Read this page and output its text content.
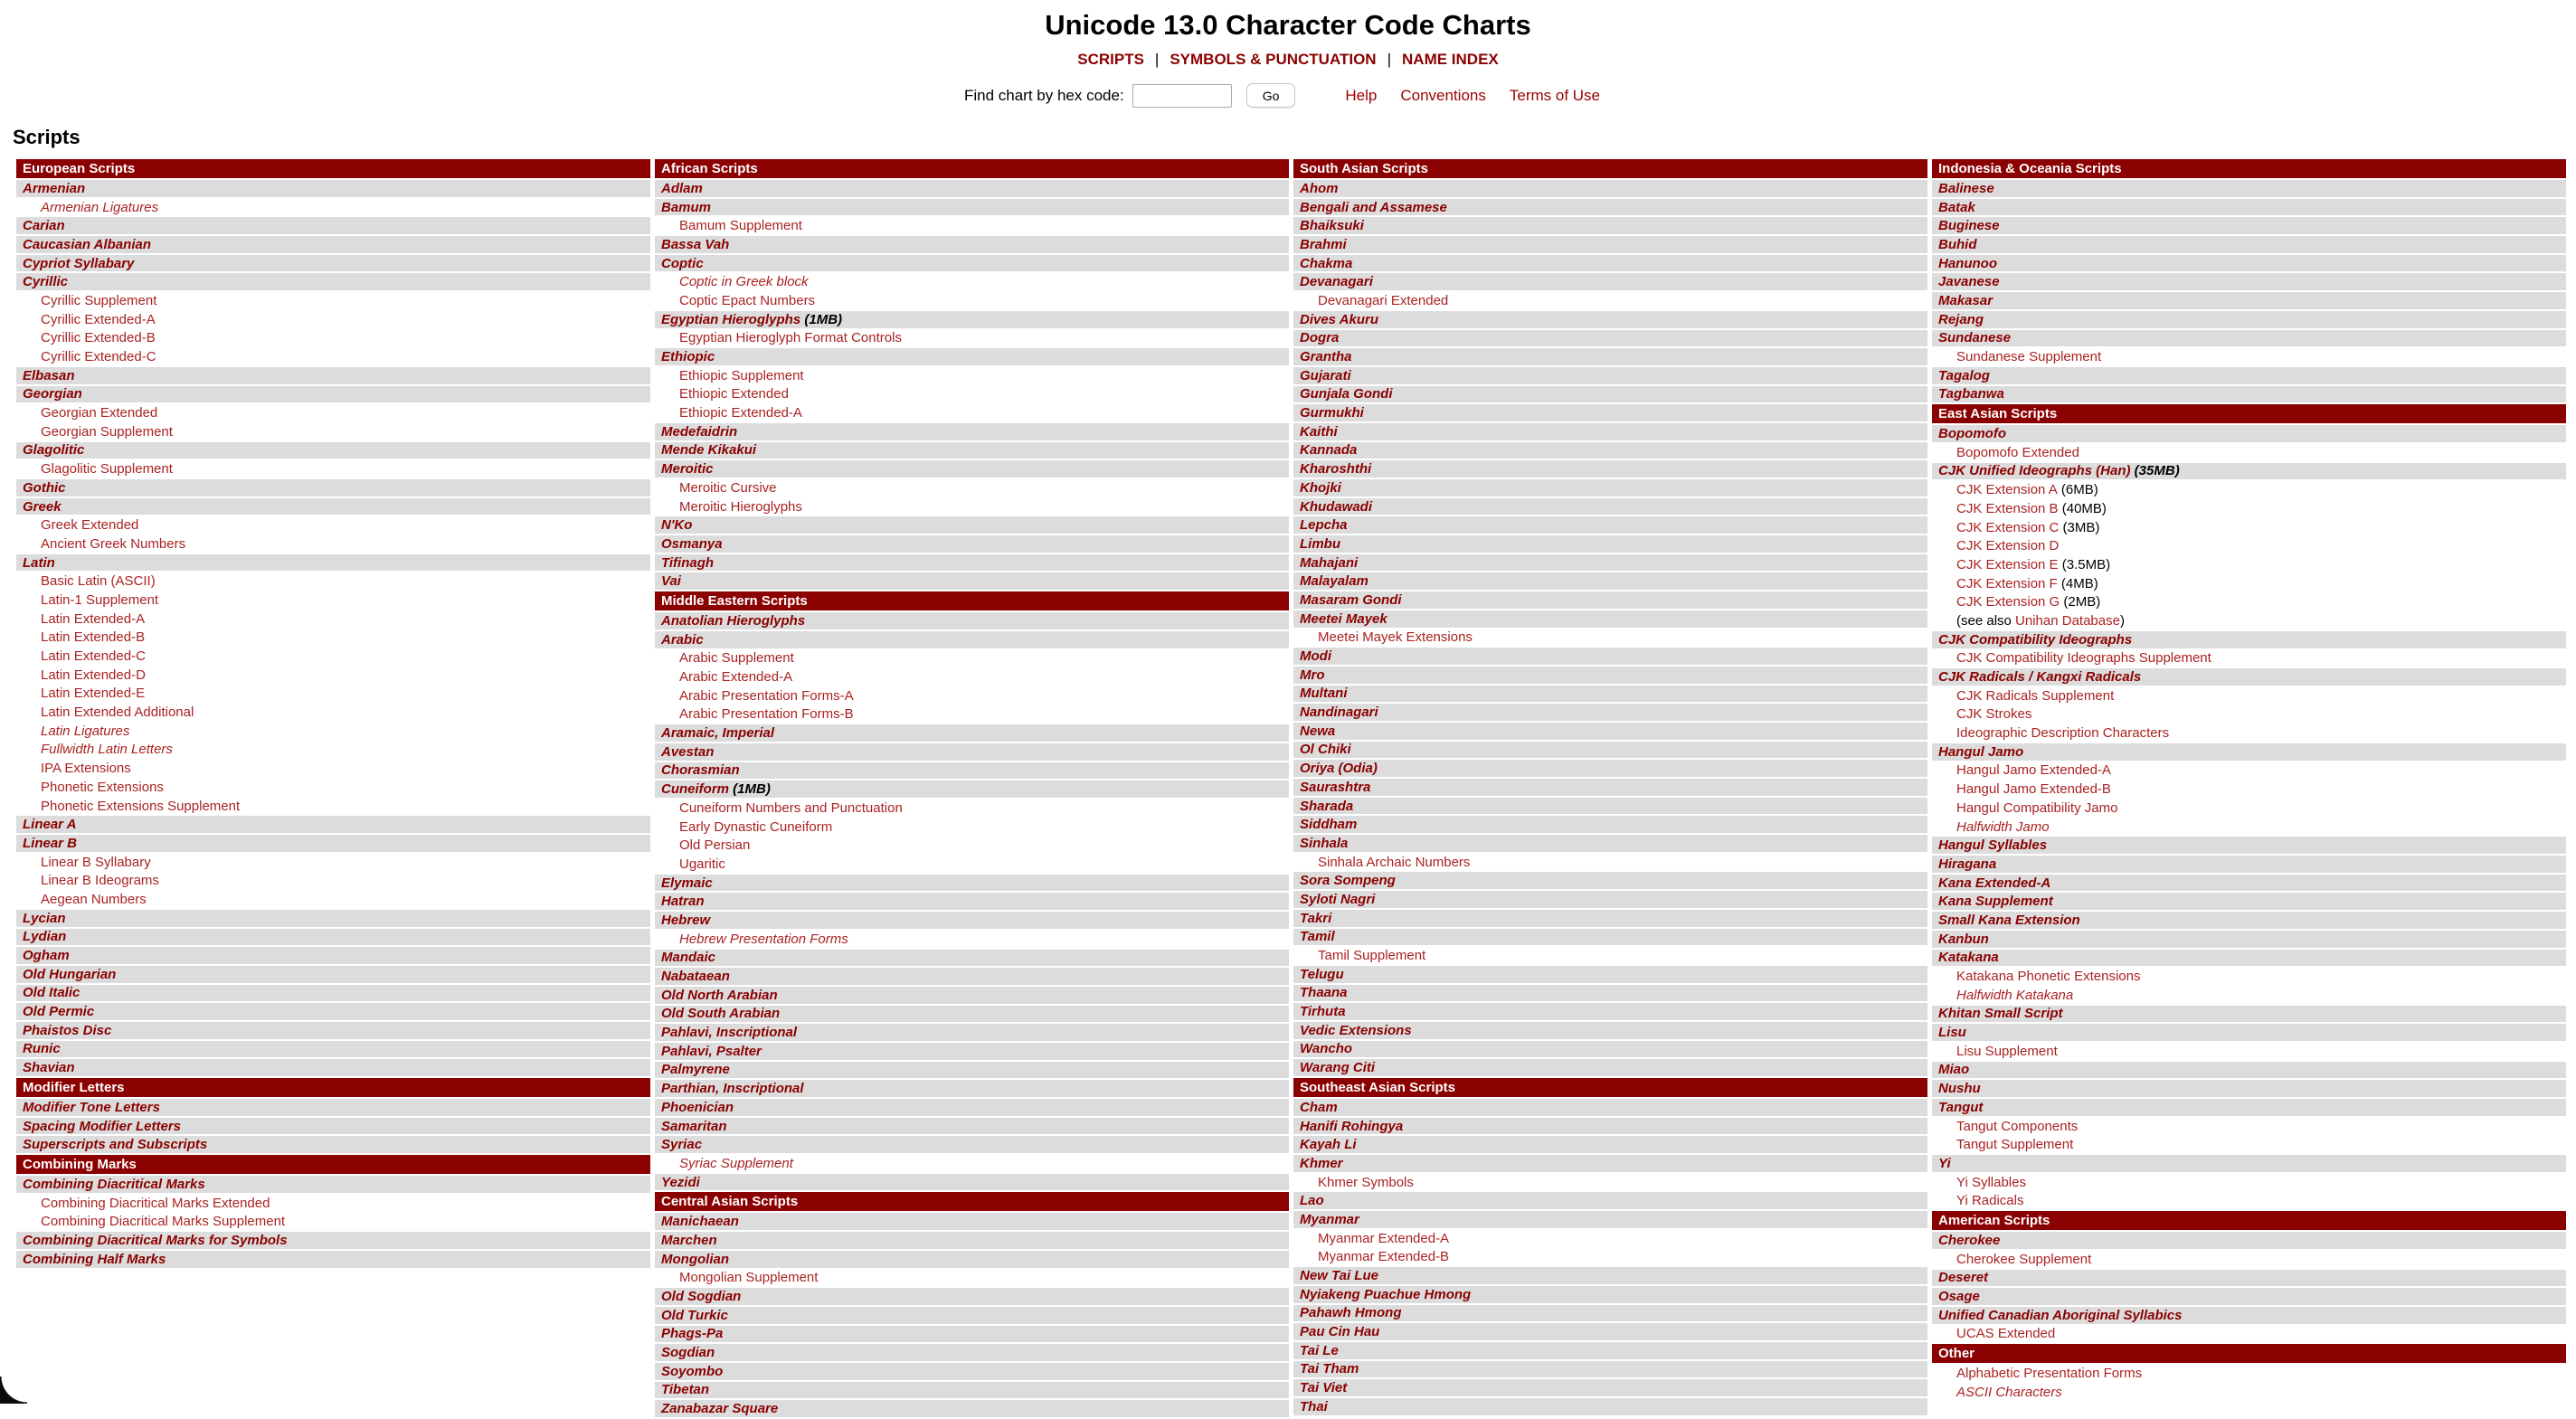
Unicode 13.0 Character Code Charts
SCRIPTS | SYMBOLS & PUNCTUATION | NAME INDEX
Find chart by hex code:	Go	Help Conventions Terms of Use
Scripts
European Scripts
Armenian
Armenian Ligatures
Carian
Caucasian Albanian
Cypriot Syllabary
Cyrillic
Cyrillic Supplement
Cyrillic Extended-A
Cyrillic Extended-B
Cyrillic Extended-C
Elbasan
Georgian
Georgian Extended
Georgian Supplement
Glagolitic
Glagolitic Supplement
Gothic
Greek
Greek Extended
Ancient Greek Numbers
Latin
Basic Latin (ASCII)
Latin-1 Supplement
Latin Extended-A
Latin Extended-B
Latin Extended-C
Latin Extended-D
Latin Extended-E
Latin Extended Additional
Latin Ligatures
Fullwidth Latin Letters
IPA Extensions
Phonetic Extensions
Phonetic Extensions Supplement
Linear A
Linear B
Linear B Syllabary
Linear B Ideograms
Aegean Numbers
Lycian
Lydian
Ogham
Old Hungarian
Old Italic
Old Permic
Phaistos Disc
Runic
Shavian
Modifier Letters
Modifier Tone Letters
Spacing Modifier Letters
Superscripts and Subscripts
Combining Marks
Combining Diacritical Marks
Combining Diacritical Marks Extended
Combining Diacritical Marks Supplement
Combining Diacritical Marks for Symbols
Combining Half Marks
African Scripts
Adlam
Bamum
Bamum Supplement
Bassa Vah
Coptic
Coptic in Greek block
Coptic Epact Numbers
Egyptian Hieroglyphs (1MB)
Egyptian Hieroglyph Format Controls
Ethiopic
Ethiopic Supplement
Ethiopic Extended
Ethiopic Extended-A
Medefaidrin
Mende Kikakui
Meroitic
Meroitic Cursive
Meroitic Hieroglyphs
N'Ko
Osmanya
Tifinagh
Vai
Middle Eastern Scripts
Anatolian Hieroglyphs
Arabic
Arabic Supplement
Arabic Extended-A
Arabic Presentation Forms-A
Arabic Presentation Forms-B
Aramaic, Imperial
Avestan
Chorasmian
Cuneiform (1MB)
Cuneiform Numbers and Punctuation
Early Dynastic Cuneiform
Old Persian
Ugaritic
Elymaic
Hatran
Hebrew
Hebrew Presentation Forms
Mandaic
Nabataean
Old North Arabian
Old South Arabian
Pahlavi, Inscriptional
Pahlavi, Psalter
Palmyrene
Parthian, Inscriptional
Phoenician
Samaritan
Syriac
Syriac Supplement
Yezidi
Central Asian Scripts
Manichaean
Marchen
Mongolian
Mongolian Supplement
Old Sogdian
Old Turkic
Phags-Pa
Sogdian
Soyombo
Tibetan
Zanabazar Square
South Asian Scripts
Ahom
Bengali and Assamese
Bhaiksuki
Brahmi
Chakma
Devanagari
Devanagari Extended
Dives Akuru
Dogra
Grantha
Gujarati
Gunjala Gondi
Gurmukhi
Kaithi
Kannada
Kharoshthi
Khojki
Khudawadi
Lepcha
Limbu
Mahajani
Malayalam
Masaram Gondi
Meetei Mayek
Meetei Mayek Extensions
Modi
Mro
Multani
Nandinagari
Newa
Ol Chiki
Oriya (Odia)
Saurashtra
Sharada
Siddham
Sinhala
Sinhala Archaic Numbers
Sora Sompeng
Syloti Nagri
Takri
Tamil
Tamil Supplement
Telugu
Thaana
Tirhuta
Vedic Extensions
Wancho
Warang Citi
Southeast Asian Scripts
Cham
Hanifi Rohingya
Kayah Li
Khmer
Khmer Symbols
Lao
Myanmar
Myanmar Extended-A
Myanmar Extended-B
New Tai Lue
Nyiakeng Puachue Hmong
Pahawh Hmong
Pau Cin Hau
Tai Le
Tai Tham
Tai Viet
Thai
Indonesia & Oceania Scripts
Balinese
Batak
Buginese
Buhid
Hanunoo
Javanese
Makasar
Rejang
Sundanese
Sundanese Supplement
Tagalog
Tagbanwa
East Asian Scripts
Bopomofo
Bopomofo Extended
CJK Unified Ideographs (Han) (35MB)
CJK Extension A (6MB)
CJK Extension B (40MB)
CJK Extension C (3MB)
CJK Extension D
CJK Extension E (3.5MB)
CJK Extension F (4MB)
CJK Extension G (2MB)
(see also Unihan Database )
CJK Compatibility Ideographs
CJK Compatibility Ideographs Supplement
CJK Radicals / Kangxi Radicals
CJK Radicals Supplement
CJK Strokes
Ideographic Description Characters
Hangul Jamo
Hangul Jamo Extended-A
Hangul Jamo Extended-B
Hangul Compatibility Jamo
Halfwidth Jamo
Hangul Syllables
Hiragana
Kana Extended-A
Kana Supplement
Small Kana Extension
Kanbun
Katakana
Katakana Phonetic Extensions
Halfwidth Katakana
Khitan Small Script
Lisu
Lisu Supplement
Miao
Nushu
Tangut
Tangut Components
Tangut Supplement
Yi
Yi Syllables
Yi Radicals
American Scripts
Cherokee
Cherokee Supplement
Deseret
Osage
Unified Canadian Aboriginal Syllabics
UCAS Extended
Other
Alphabetic Presentation Forms
ASCII Characters
